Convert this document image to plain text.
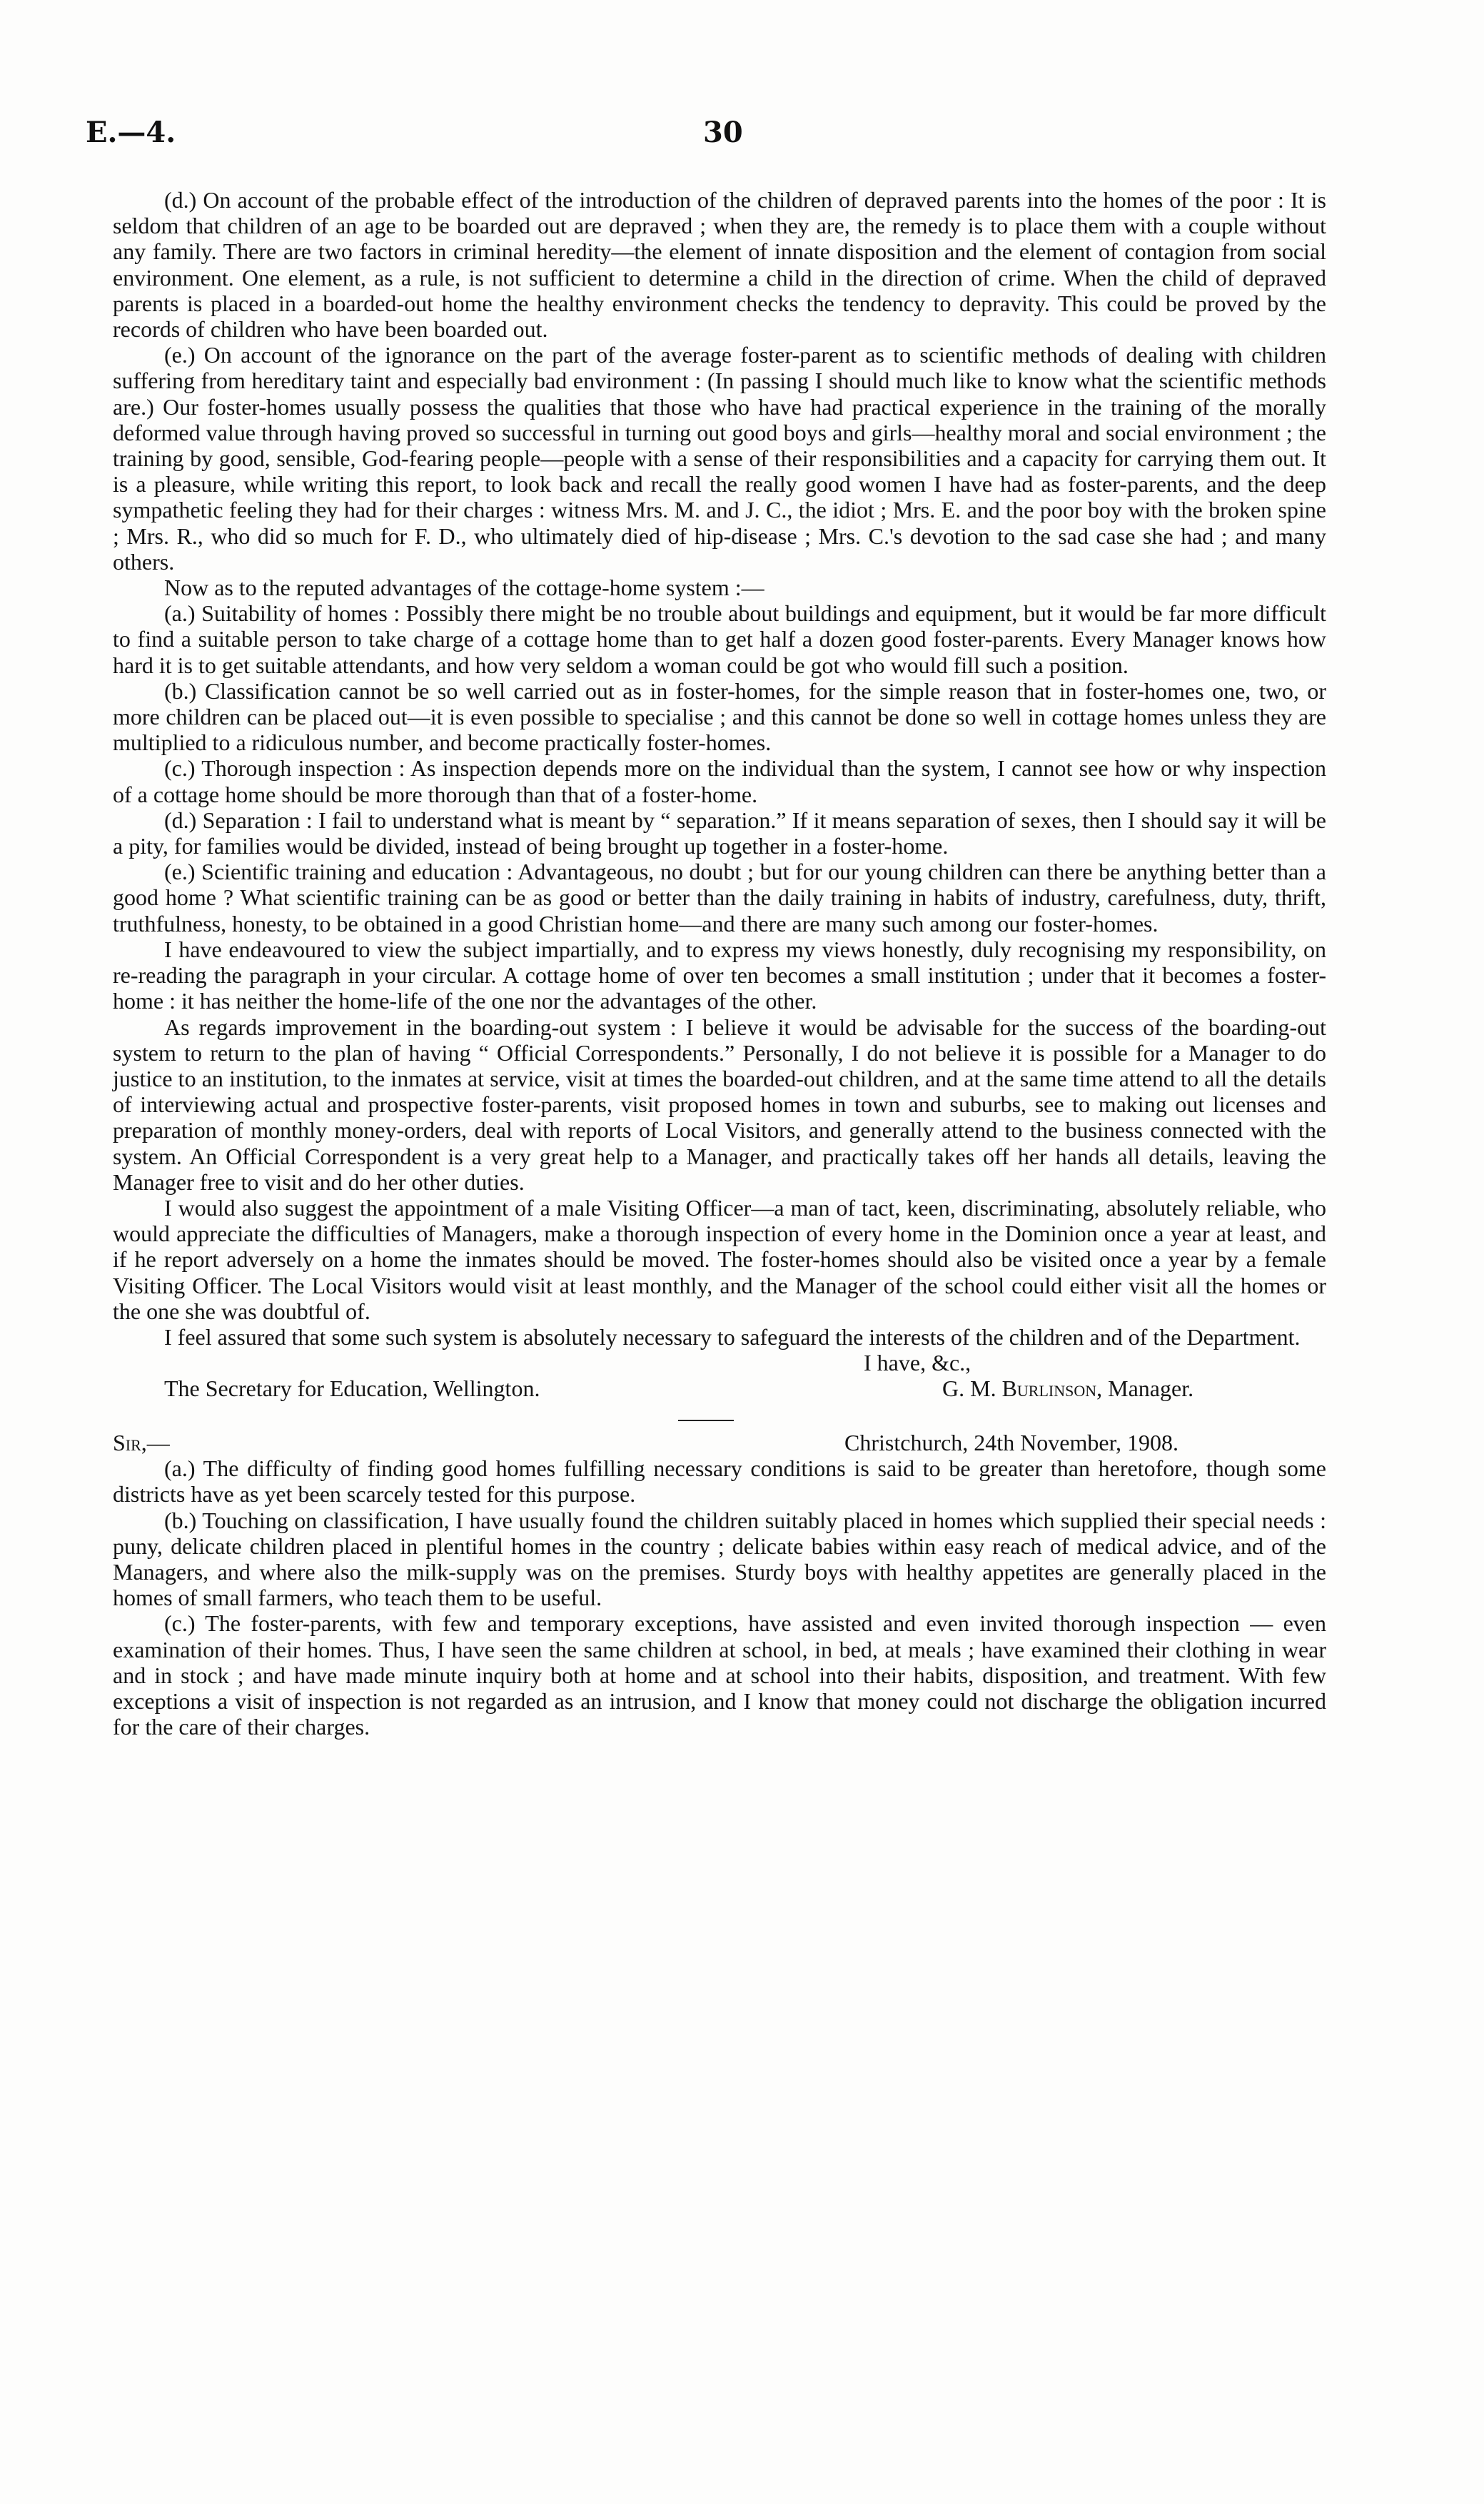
E.—4.	30

(d.) On account of the probable effect of the introduction of the children of depraved parents into the homes of the poor : It is seldom that children of an age to be boarded out are depraved ; when they are, the remedy is to place them with a couple without any family. There are two factors in criminal heredity—the element of innate disposition and the element of contagion from social environment. One element, as a rule, is not sufficient to determine a child in the direction of crime. When the child of depraved parents is placed in a boarded-out home the healthy environment checks the tendency to depravity. This could be proved by the records of children who have been boarded out.

(e.) On account of the ignorance on the part of the average foster-parent as to scientific methods of dealing with children suffering from hereditary taint and especially bad environment : (In passing I should much like to know what the scientific methods are.) Our foster-homes usually possess the qualities that those who have had practical experience in the training of the morally deformed value through having proved so successful in turning out good boys and girls—healthy moral and social environment ; the training by good, sensible, God-fearing people—people with a sense of their responsibilities and a capacity for carrying them out. It is a pleasure, while writing this report, to look back and recall the really good women I have had as foster-parents, and the deep sympathetic feeling they had for their charges : witness Mrs. M. and J. C., the idiot ; Mrs. E. and the poor boy with the broken spine ; Mrs. R., who did so much for F. D., who ultimately died of hip-disease ; Mrs. C.'s devotion to the sad case she had ; and many others.

Now as to the reputed advantages of the cottage-home system :—

(a.) Suitability of homes : Possibly there might be no trouble about buildings and equipment, but it would be far more difficult to find a suitable person to take charge of a cottage home than to get half a dozen good foster-parents. Every Manager knows how hard it is to get suitable attendants, and how very seldom a woman could be got who would fill such a position.

(b.) Classification cannot be so well carried out as in foster-homes, for the simple reason that in foster-homes one, two, or more children can be placed out—it is even possible to specialise ; and this cannot be done so well in cottage homes unless they are multiplied to a ridiculous number, and become practically foster-homes.

(c.) Thorough inspection : As inspection depends more on the individual than the system, I cannot see how or why inspection of a cottage home should be more thorough than that of a foster-home.

(d.) Separation : I fail to understand what is meant by “ separation.” If it means separation of sexes, then I should say it will be a pity, for families would be divided, instead of being brought up together in a foster-home.

(e.) Scientific training and education : Advantageous, no doubt ; but for our young children can there be anything better than a good home ? What scientific training can be as good or better than the daily training in habits of industry, carefulness, duty, thrift, truthfulness, honesty, to be obtained in a good Christian home—and there are many such among our foster-homes.

I have endeavoured to view the subject impartially, and to express my views honestly, duly recognising my responsibility, on re-reading the paragraph in your circular. A cottage home of over ten becomes a small institution ; under that it becomes a foster-home : it has neither the home-life of the one nor the advantages of the other.

As regards improvement in the boarding-out system : I believe it would be advisable for the success of the boarding-out system to return to the plan of having “ Official Correspondents.” Personally, I do not believe it is possible for a Manager to do justice to an institution, to the inmates at service, visit at times the boarded-out children, and at the same time attend to all the details of interviewing actual and prospective foster-parents, visit proposed homes in town and suburbs, see to making out licenses and preparation of monthly money-orders, deal with reports of Local Visitors, and generally attend to the business connected with the system. An Official Correspondent is a very great help to a Manager, and practically takes off her hands all details, leaving the Manager free to visit and do her other duties.

I would also suggest the appointment of a male Visiting Officer—a man of tact, keen, discriminating, absolutely reliable, who would appreciate the difficulties of Managers, make a thorough inspection of every home in the Dominion once a year at least, and if he report adversely on a home the inmates should be moved. The foster-homes should also be visited once a year by a female Visiting Officer. The Local Visitors would visit at least monthly, and the Manager of the school could either visit all the homes or the one she was doubtful of.

I feel assured that some such system is absolutely necessary to safeguard the interests of the children and of the Department.

I have, &c.,
The Secretary for Education, Wellington.	G. M. Burlinson, Manager.
Sir,—	Christchurch, 24th November, 1908.

(a.) The difficulty of finding good homes fulfilling necessary conditions is said to be greater than heretofore, though some districts have as yet been scarcely tested for this purpose.

(b.) Touching on classification, I have usually found the children suitably placed in homes which supplied their special needs : puny, delicate children placed in plentiful homes in the country ; delicate babies within easy reach of medical advice, and of the Managers, and where also the milk-supply was on the premises. Sturdy boys with healthy appetites are generally placed in the homes of small farmers, who teach them to be useful.

(c.) The foster-parents, with few and temporary exceptions, have assisted and even invited thorough inspection — even examination of their homes. Thus, I have seen the same children at school, in bed, at meals ; have examined their clothing in wear and in stock ; and have made minute inquiry both at home and at school into their habits, disposition, and treatment. With few exceptions a visit of inspection is not regarded as an intrusion, and I know that money could not discharge the obligation incurred for the care of their charges.
